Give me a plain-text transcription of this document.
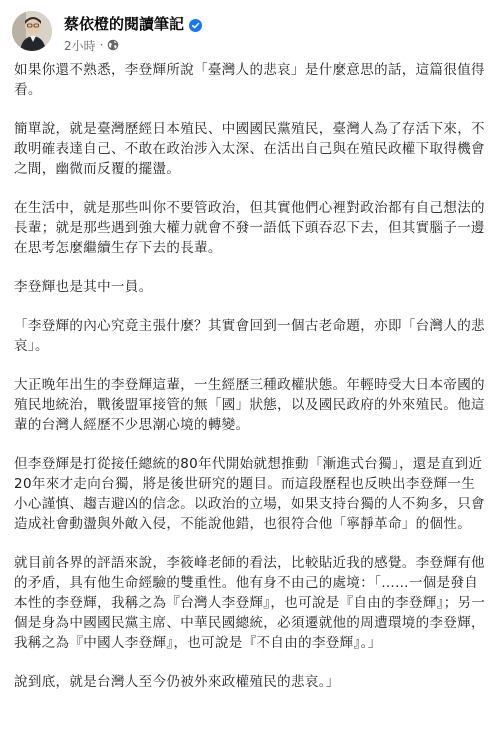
蔡依橙的閱讀筆記
2小時 ·

如果你還不熟悉，李登輝所說「臺灣人的悲哀」是什麼意思的話，這篇很值得看。

簡單說，就是臺灣歷經日本殖民、中國國民黨殖民，臺灣人為了存活下來，不敢明確表達自己、不敢在政治涉入太深、在活出自己與在殖民政權下取得機會之間，幽微而反覆的擺盪。

在生活中，就是那些叫你不要管政治，但其實他們心裡對政治都有自己想法的長輩；就是那些遇到強大權力就會不發一語低下頭吞忍下去，但其實腦子一邊在思考怎麼繼續生存下去的長輩。

李登輝也是其中一員。

「李登輝的內心究竟主張什麼？其實會回到一個古老命題，亦即「台灣人的悲哀」。

大正晚年出生的李登輝這輩，一生經歷三種政權狀態。年輕時受大日本帝國的殖民地統治，戰後盟軍接管的無「國」狀態，以及國民政府的外來殖民。他這輩的台灣人經歷不少思潮心境的轉變。

但李登輝是打從接任總統的80年代開始就想推動「漸進式台獨」，還是直到近20年來才走向台獨，將是後世研究的題目。而這段歷程也反映出李登輝一生小心謹慎、趨吉避凶的信念。以政治的立場，如果支持台獨的人不夠多，只會造成社會動盪與外敵入侵，不能說他錯，也很符合他「寧靜革命」的個性。

就目前各界的評語來說，李筱峰老師的看法，比較貼近我的感覺。李登輝有他的矛盾，具有他生命經驗的雙重性。他有身不由己的處境：「……一個是發自本性的李登輝，我稱之為『台灣人李登輝』，也可說是『自由的李登輝』；另一個是身為中國國民黨主席、中華民國總統，必須遷就他的周遭環境的李登輝，我稱之為『中國人李登輝』，也可說是『不自由的李登輝』。」

說到底，就是台灣人至今仍被外來政權殖民的悲哀。」
